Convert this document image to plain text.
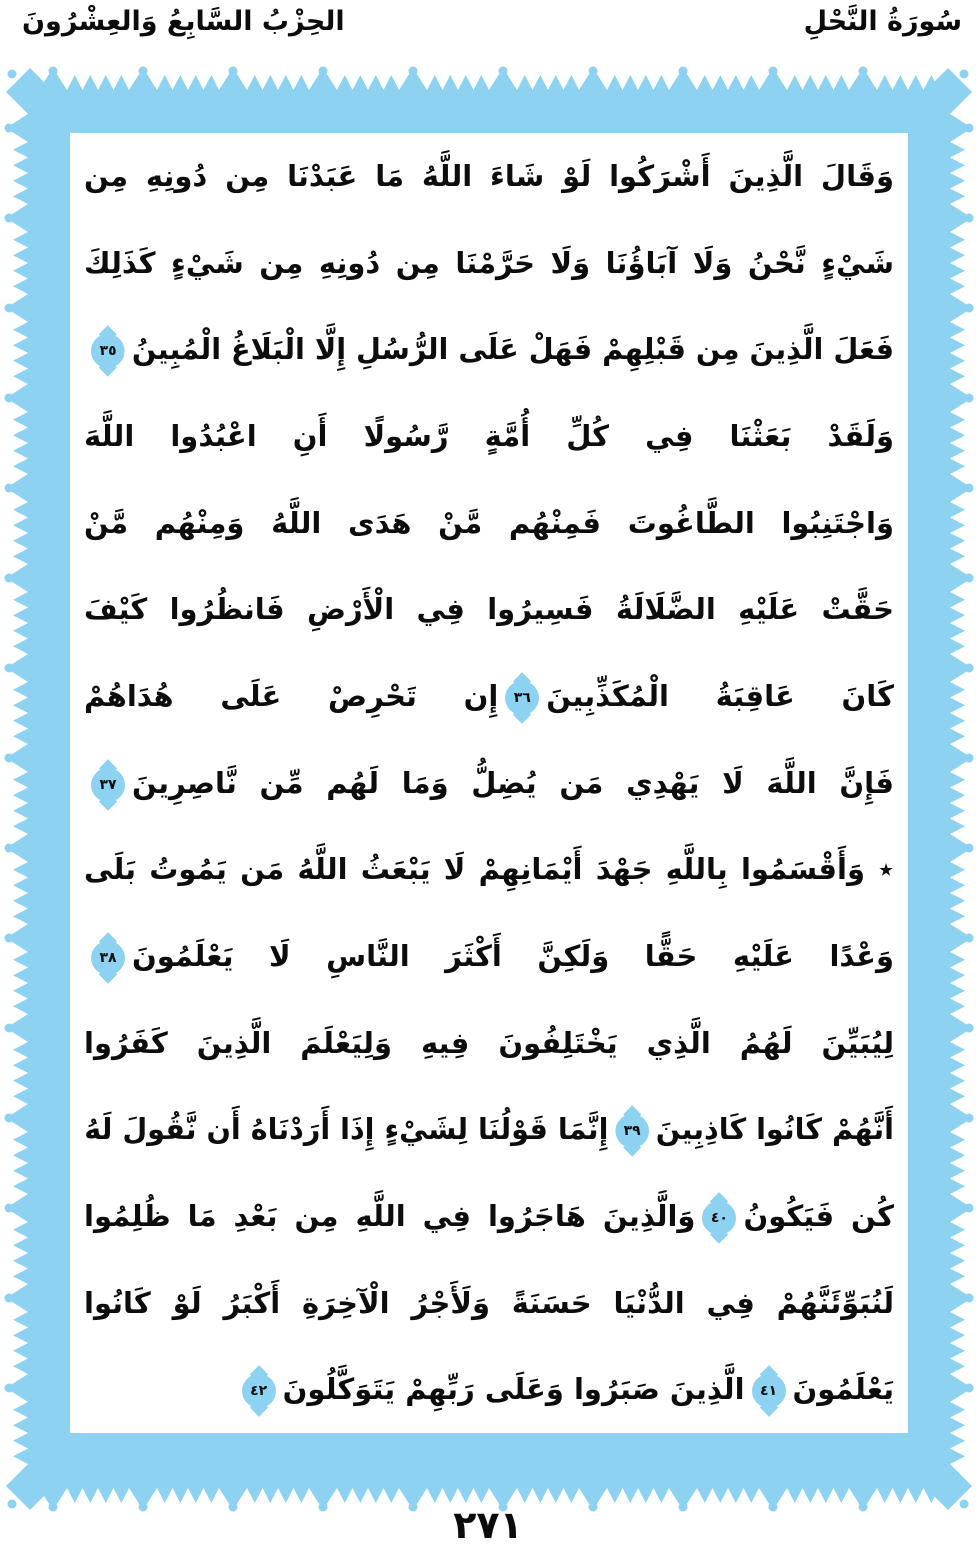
الحِزْبُ السَّابِعُ وَالعِشْرُونَ	سُورَةُ النَّحْلِ
وَقَالَ الَّذِينَ أَشْرَكُوا لَوْ شَاءَ اللَّهُ مَا عَبَدْنَا مِن دُونِهِ مِن
شَيْءٍ نَّحْنُ وَلَا آبَاؤُنَا وَلَا حَرَّمْنَا مِن دُونِهِ مِن شَيْءٍ كَذَلِكَ
فَعَلَ الَّذِينَ مِن قَبْلِهِمْ فَهَلْ عَلَى الرُّسُلِ إِلَّا الْبَلَاغُ الْمُبِينُ
٣٥
وَلَقَدْ بَعَثْنَا فِي كُلِّ أُمَّةٍ رَّسُولًا أَنِ اعْبُدُوا اللَّهَ
وَاجْتَنِبُوا الطَّاغُوتَ فَمِنْهُم مَّنْ هَدَى اللَّهُ وَمِنْهُم مَّنْ
حَقَّتْ عَلَيْهِ الضَّلَالَةُ فَسِيرُوا فِي الْأَرْضِ فَانظُرُوا كَيْفَ
كَانَ عَاقِبَةُ الْمُكَذِّبِينَ
٣٦
إِن تَحْرِصْ عَلَى هُدَاهُمْ
فَإِنَّ اللَّهَ لَا يَهْدِي مَن يُضِلُّ وَمَا لَهُم مِّن نَّاصِرِينَ
٣٧
٭ وَأَقْسَمُوا بِاللَّهِ جَهْدَ أَيْمَانِهِمْ لَا يَبْعَثُ اللَّهُ مَن يَمُوتُ بَلَى
وَعْدًا عَلَيْهِ حَقًّا وَلَكِنَّ أَكْثَرَ النَّاسِ لَا يَعْلَمُونَ
٣٨
لِيُبَيِّنَ لَهُمُ الَّذِي يَخْتَلِفُونَ فِيهِ وَلِيَعْلَمَ الَّذِينَ كَفَرُوا
أَنَّهُمْ كَانُوا كَاذِبِينَ
٣٩
إِنَّمَا قَوْلُنَا لِشَيْءٍ إِذَا أَرَدْنَاهُ أَن نَّقُولَ لَهُ
كُن فَيَكُونُ
٤٠
وَالَّذِينَ هَاجَرُوا فِي اللَّهِ مِن بَعْدِ مَا ظُلِمُوا
لَنُبَوِّئَنَّهُمْ فِي الدُّنْيَا حَسَنَةً وَلَأَجْرُ الْآخِرَةِ أَكْبَرُ لَوْ كَانُوا
يَعْلَمُونَ
٤١
الَّذِينَ صَبَرُوا وَعَلَى رَبِّهِمْ يَتَوَكَّلُونَ
٤٢
٢٧١
